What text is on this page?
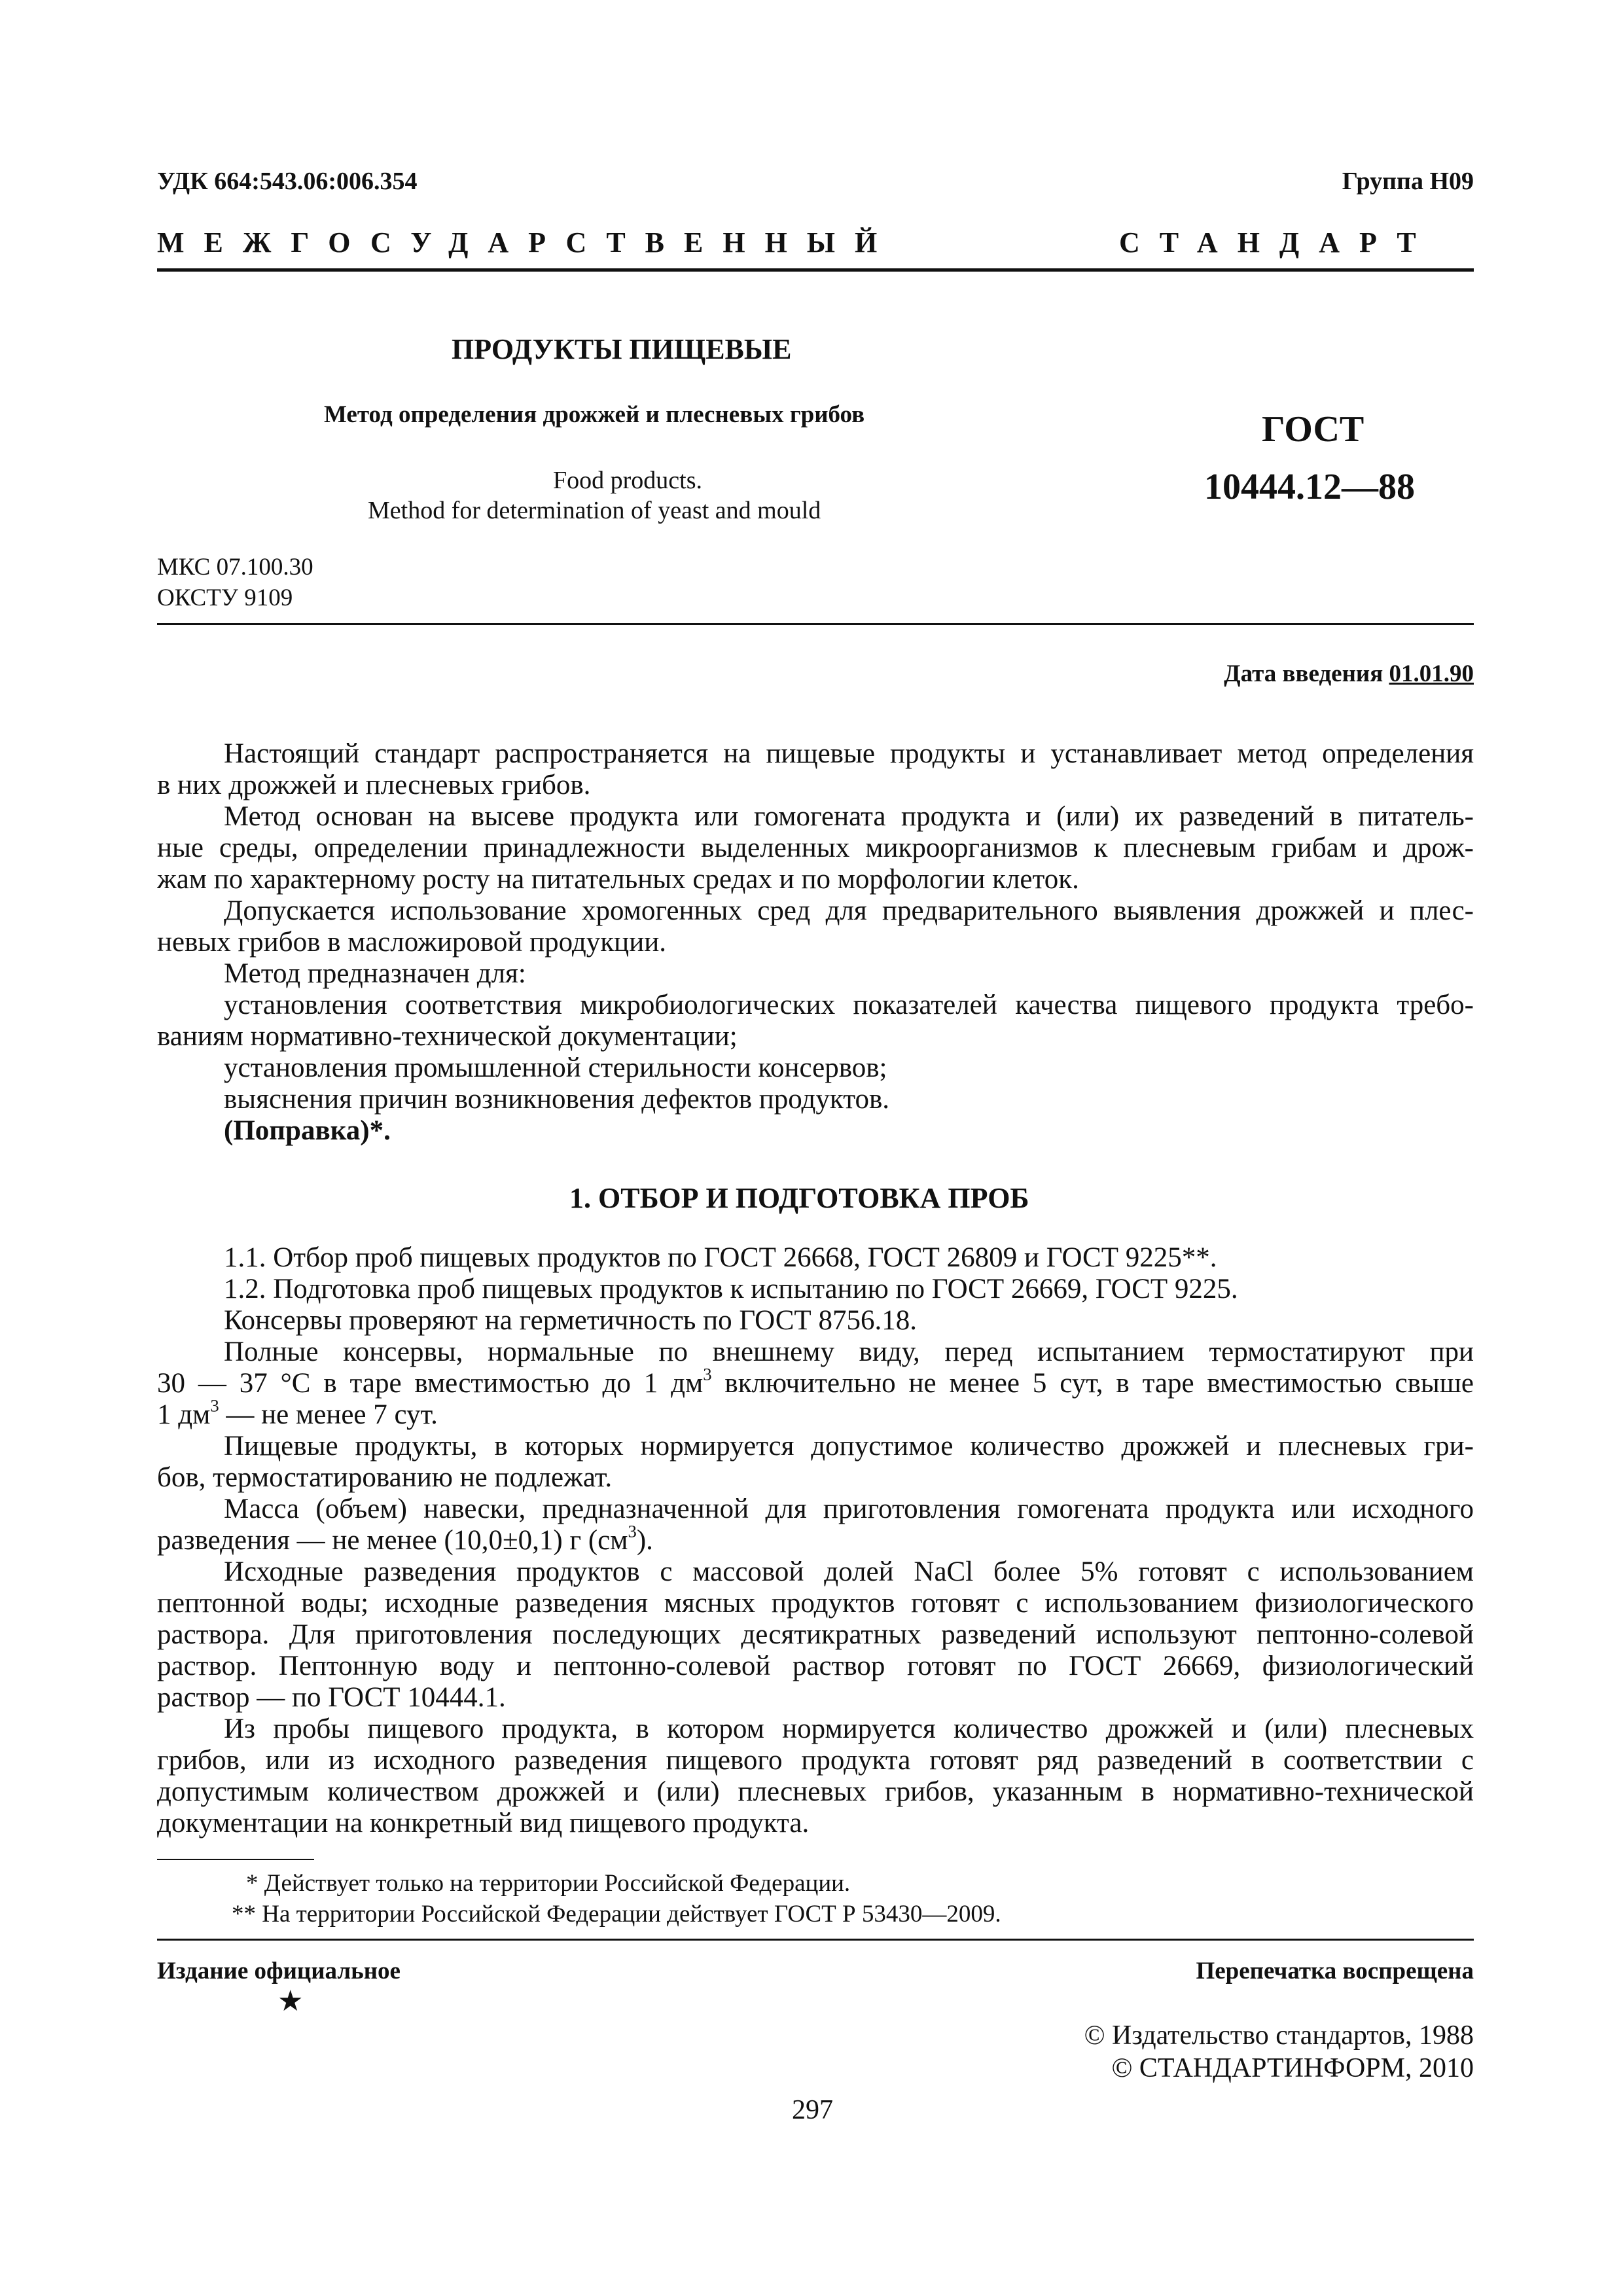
УДК 664:543.06:006.354	Группа Н09
МЕЖГОСУДАРСТВЕННЫЙ	СТАНДАРТ
ПРОДУКТЫ ПИЩЕВЫЕ
Метод определения дрожжей и плесневых грибов
Food products.
Method for determination of yeast and mould
ГОСТ
10444.12—88
МКС 07.100.30
ОКСТУ 9109
Дата введения 01.01.90
Настоящий стандарт распространяется на пищевые продукты и устанавливает метод определения
в них дрожжей и плесневых грибов.
Метод основан на высеве продукта или гомогената продукта и (или) их разведений в питатель-
ные среды, определении принадлежности выделенных микроорганизмов к плесневым грибам и дрож-
жам по характерному росту на питательных средах и по морфологии клеток.
Допускается использование хромогенных сред для предварительного выявления дрожжей и плес-
невых грибов в масложировой продукции.
Метод предназначен для:
установления соответствия микробиологических показателей качества пищевого продукта требо-
ваниям нормативно-технической документации;
установления промышленной стерильности консервов;
выяснения причин возникновения дефектов продуктов.
(Поправка)*.
1. ОТБОР И ПОДГОТОВКА ПРОБ
1.1. Отбор проб пищевых продуктов по ГОСТ 26668, ГОСТ 26809 и ГОСТ 9225**.
1.2. Подготовка проб пищевых продуктов к испытанию по ГОСТ 26669, ГОСТ 9225.
Консервы проверяют на герметичность по ГОСТ 8756.18.
Полные консервы, нормальные по внешнему виду, перед испытанием термостатируют при
30 — 37 °С в таре вместимостью до 1 $дм^3$ включительно не менее 5 сут, в таре вместимостью свыше
1 $дм^3$ — не менее 7 сут.
Пищевые продукты, в которых нормируется допустимое количество дрожжей и плесневых гри-
бов, термостатированию не подлежат.
Масса (объем) навески, предназначенной для приготовления гомогената продукта или исходного
разведения — не менее (10,0±0,1) г $(см^3)$.
Исходные разведения продуктов с массовой долей NaCl более 5% готовят с использованием
пептонной воды; исходные разведения мясных продуктов готовят с использованием физиологического
раствора. Для приготовления последующих десятикратных разведений используют пептонно-солевой
раствор. Пептонную воду и пептонно-солевой раствор готовят по ГОСТ 26669, физиологический
раствор — по ГОСТ 10444.1.
Из пробы пищевого продукта, в котором нормируется количество дрожжей и (или) плесневых
грибов, или из исходного разведения пищевого продукта готовят ряд разведений в соответствии с
допустимым количеством дрожжей и (или) плесневых грибов, указанным в нормативно-технической
документации на конкретный вид пищевого продукта.
* Действует только на территории Российской Федерации.
** На территории Российской Федерации действует ГОСТ Р 53430—2009.
Издание официальное	Перепечатка воспрещена
★
© Издательство стандартов, 1988
© СТАНДАРТИНФОРМ, 2010
297
